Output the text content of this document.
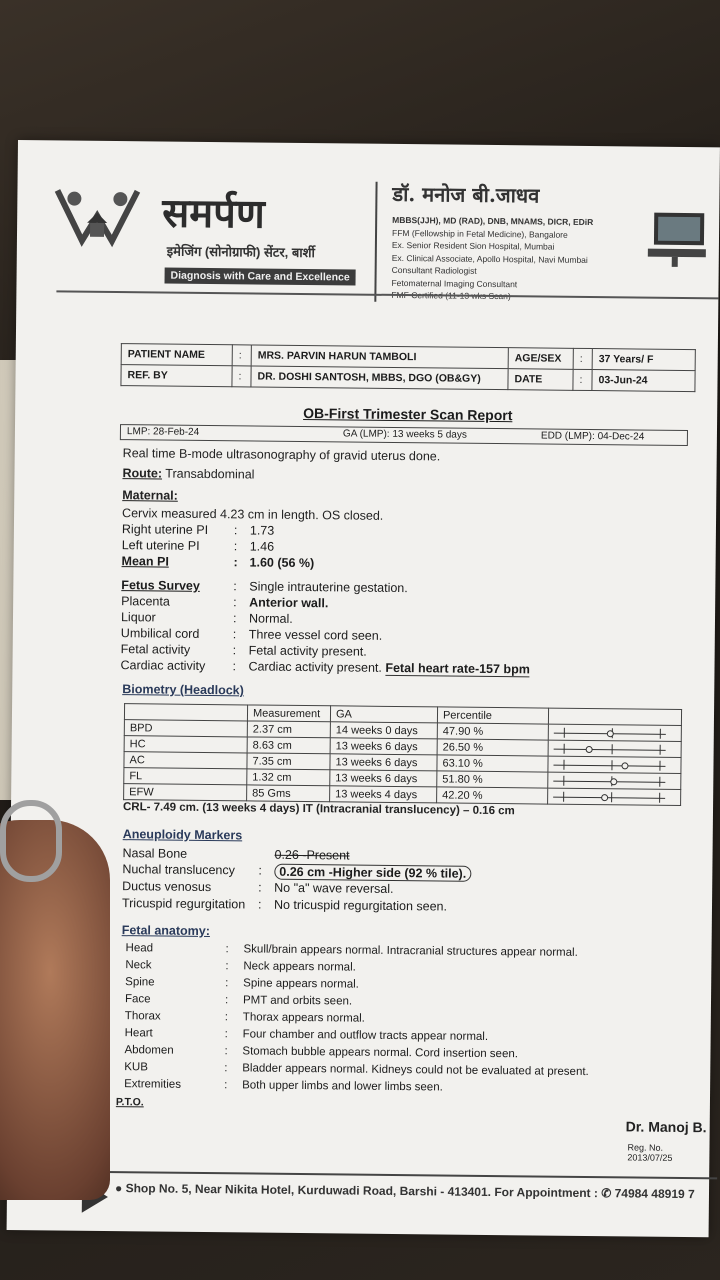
समर्पण
इमेजिंग (सोनोग्राफी) सेंटर, बार्शी
Diagnosis with Care and Excellence
डॉ. मनोज बी.जाधव
MBBS(JJH), MD (RAD), DNB, MNAMS, DICR, EDiR
FFM (Fellowship in Fetal Medicine), Bangalore
Ex. Senior Resident Sion Hospital, Mumbai
Ex. Clinical Associate, Apollo Hospital, Navi Mumbai
Consultant Radiologist
Fetomaternal Imaging Consultant
PATIENT NAME	:	MRS. PARVIN HARUN TAMBOLI	AGE/SEX	:	37 Years/ F
REF. BY	:	DR. DOSHI SANTOSH, MBBS, DGO (OB&GY)	DATE	:	03-Jun-24
OB-First Trimester Scan Report
LMP: 28-Feb-24	GA (LMP): 13 weeks 5 days	EDD (LMP): 04-Dec-24
Real time B-mode ultrasonography of gravid uterus done.
Route: Transabdominal
Maternal:
Cervix measured 4.23 cm in length. OS closed.
Right uterine PI : 1.73
Left uterine PI	: 1.46
Mean PI	: 1.60 (56 %)
Fetus Survey	: Single intrauterine gestation.
Placenta	: Anterior wall.
Liquor	: Normal.
Umbilical cord	: Three vessel cord seen.
Fetal activity	: Fetal activity present.
Cardiac activity : Cardiac activity present. Fetal heart rate-157 bpm
Biometry (Headlock)
	Measurement	GA	Percentile	
BPD	2.37 cm	14 weeks 0 days	47.90 %	

HC	8.63 cm	13 weeks 6 days	26.50 %	

AC	7.35 cm	13 weeks 6 days	63.10 %	

FL	1.32 cm	13 weeks 6 days	51.80 %	

EFW	85 Gms	13 weeks 4 days	42.20 %	
CRL- 7.49 cm. (13 weeks 4 days) IT (Intracranial translucency) – 0.16 cm
Aneuploidy Markers
Nasal Bone	0.26 -Present
Nuchal translucency :	0.26 cm -Higher side (92 % tile).
Ductus venosus	: No "a" wave reversal.
Tricuspid regurgitation : No tricuspid regurgitation seen.
Fetal anatomy:
Head	: Skull/brain appears normal. Intracranial structures appear normal.
Neck	: Neck appears normal.
Spine	: Spine appears normal.
Face	: PMT and orbits seen.
Thorax	: Thorax appears normal.
Heart	: Four chamber and outflow tracts appear normal.
Abdomen	: Stomach bubble appears normal. Cord insertion seen.
KUB	: Bladder appears normal. Kidneys could not be evaluated at present.
Extremities	: Both upper limbs and lower limbs seen.
P.T.O.
Dr. Manoj B.
Reg. No. 2013/07/25
● Shop No. 5, Near Nikita Hotel, Kurduwadi Road, Barshi - 413401. For Appointment : ✆ 74984 48919 7
